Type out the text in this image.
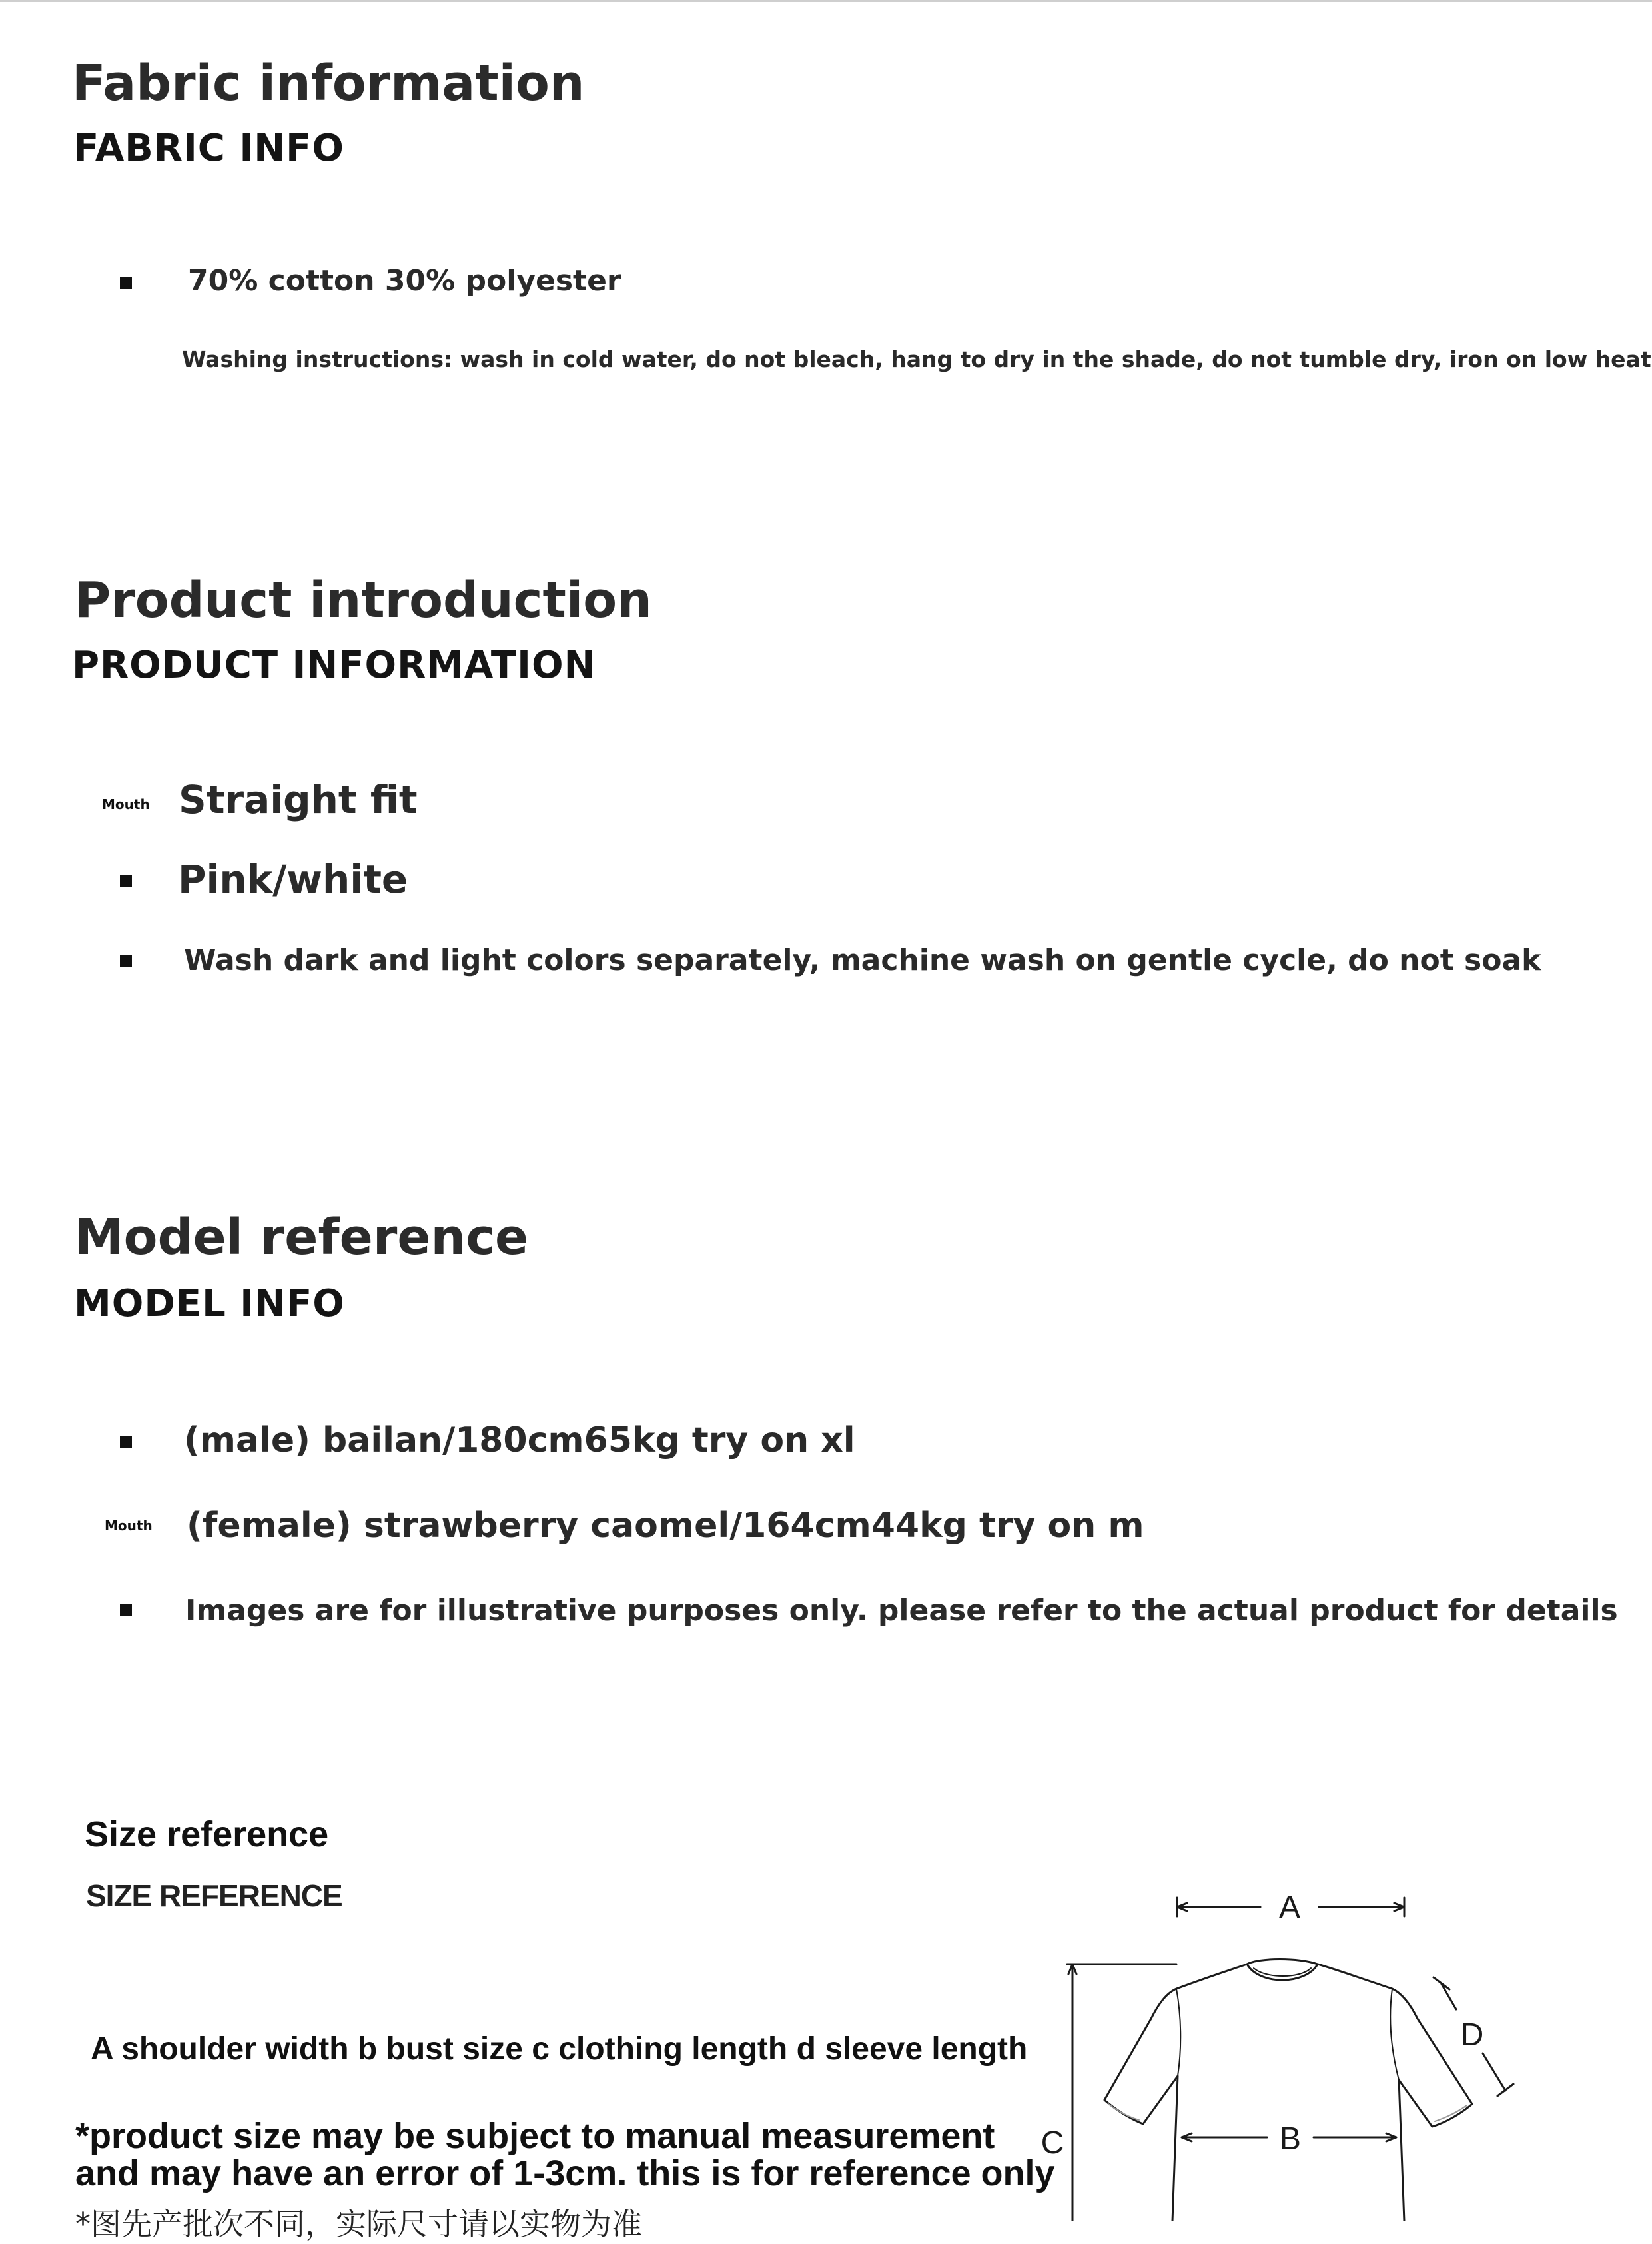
Fabric information
FABRIC INFO
70% cotton 30% polyester
Washing instructions: wash in cold water, do not bleach, hang to dry in the shade, do not tumble dry, iron on low heat
Product introduction
PRODUCT INFORMATION
Mouth Straight fit
Pink/white
Wash dark and light colors separately, machine wash on gentle cycle, do not soak
Model reference
MODEL INFO
(male) bailan/180cm65kg try on xl
Mouth (female) strawberry caomel/164cm44kg try on m
Images are for illustrative purposes only. please refer to the actual product for details
Size reference
SIZE REFERENCE
A shoulder width b bust size c clothing length d sleeve length
*product size may be subject to manual measurement
and may have an error of 1-3cm. this is for reference only
*图先产批次不同，实际尺寸请以实物为准
A
C	B
D
